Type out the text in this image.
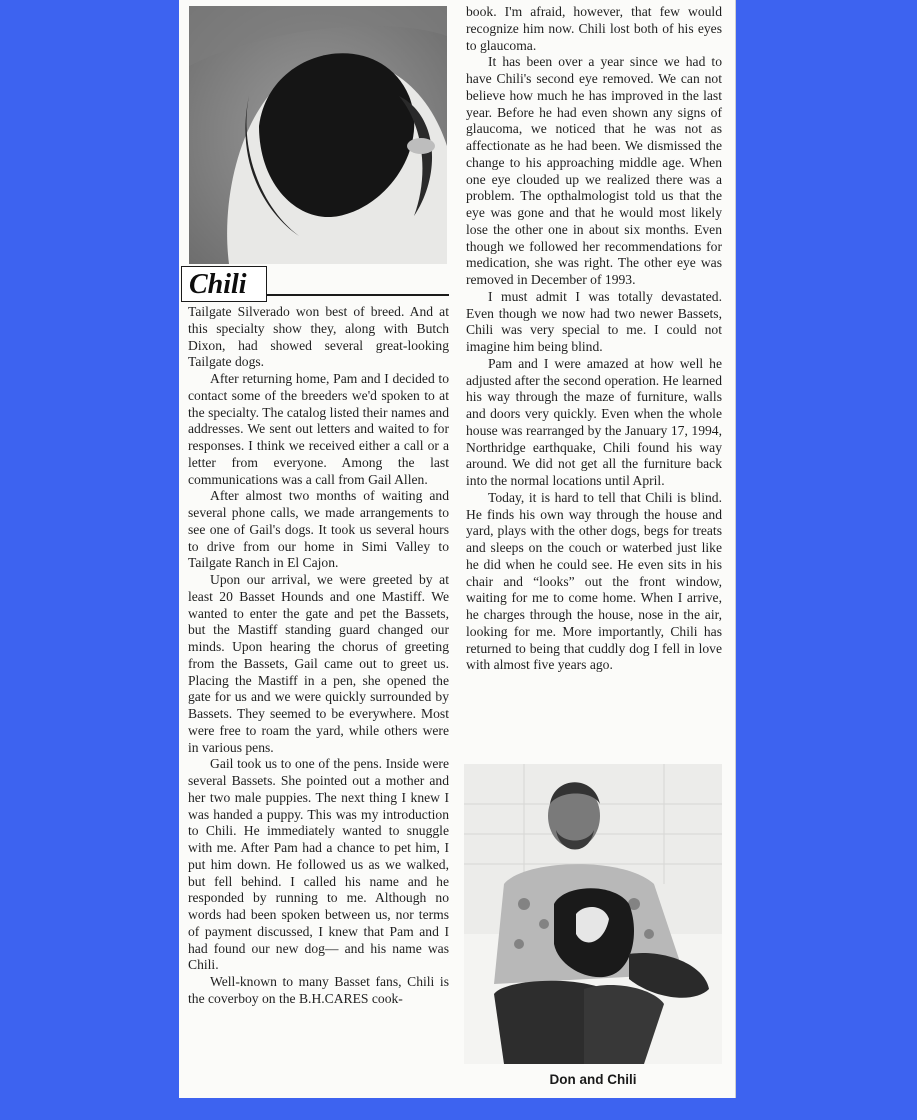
Chili

Tailgate Silverado won best of breed. And at this specialty show they, along with Butch Dixon, had showed several great-looking Tailgate dogs.

After returning home, Pam and I decided to contact some of the breeders we'd spoken to at the specialty. The catalog listed their names and addresses. We sent out letters and waited to for responses. I think we received either a call or a letter from everyone. Among the last communications was a call from Gail Allen.

After almost two months of waiting and several phone calls, we made arrangements to see one of Gail's dogs. It took us several hours to drive from our home in Simi Valley to Tailgate Ranch in El Cajon.

Upon our arrival, we were greeted by at least 20 Basset Hounds and one Mastiff. We wanted to enter the gate and pet the Bassets, but the Mastiff standing guard changed our minds. Upon hearing the chorus of greeting from the Bassets, Gail came out to greet us. Placing the Mastiff in a pen, she opened the gate for us and we were quickly surrounded by Bassets. They seemed to be everywhere. Most were free to roam the yard, while others were in various pens.

Gail took us to one of the pens. Inside were several Bassets. She pointed out a mother and her two male puppies. The next thing I knew I was handed a puppy. This was my introduction to Chili. He immediately wanted to snuggle with me. After Pam had a chance to pet him, I put him down. He followed us as we walked, but fell behind. I called his name and he responded by running to me. Although no words had been spoken between us, nor terms of payment discussed, I knew that Pam and I had found our new dog— and his name was Chili.

Well-known to many Basset fans, Chili is the coverboy on the B.H.CARES cook-

book. I'm afraid, however, that few would recognize him now. Chili lost both of his eyes to glaucoma.

It has been over a year since we had to have Chili's second eye removed. We can not believe how much he has improved in the last year. Before he had even shown any signs of glaucoma, we noticed that he was not as affectionate as he had been. We dismissed the change to his approaching middle age. When one eye clouded up we realized there was a problem. The opthalmologist told us that the eye was gone and that he would most likely lose the other one in about six months. Even though we followed her recommendations for medication, she was right. The other eye was removed in December of 1993.

I must admit I was totally devastated. Even though we now had two newer Bassets, Chili was very special to me. I could not imagine him being blind.

Pam and I were amazed at how well he adjusted after the second operation. He learned his way through the maze of furniture, walls and doors very quickly. Even when the whole house was rearranged by the January 17, 1994, Northridge earthquake, Chili found his way around. We did not get all the furniture back into the normal locations until April.

Today, it is hard to tell that Chili is blind. He finds his own way through the house and yard, plays with the other dogs, begs for treats and sleeps on the couch or waterbed just like he did when he could see. He even sits in his chair and “looks” out the front window, waiting for me to come home. When I arrive, he charges through the house, nose in the air, looking for me. More importantly, Chili has returned to being that cuddly dog I fell in love with almost five years ago.

Don and Chili
